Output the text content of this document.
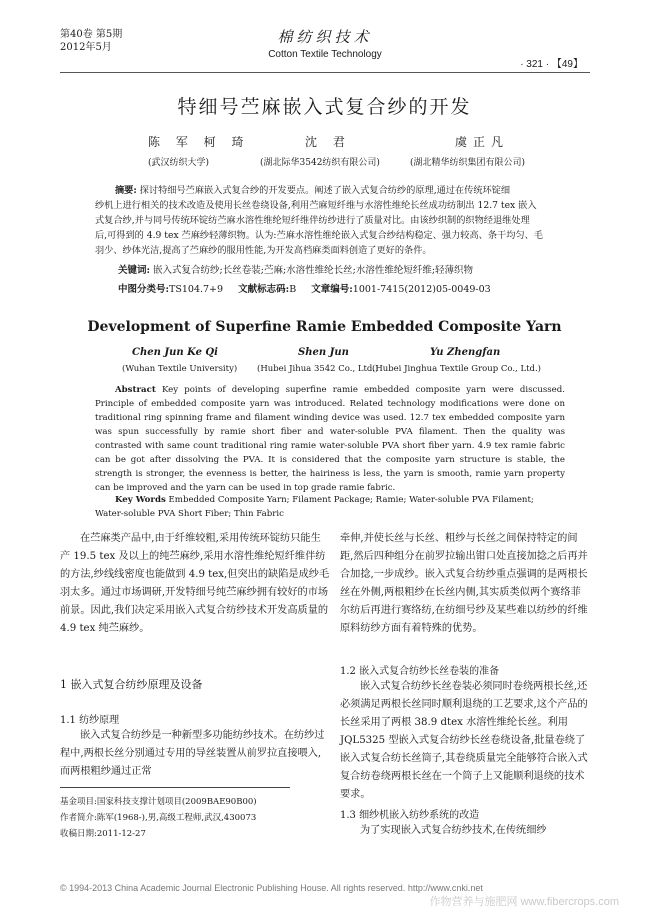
第40卷 第5期
2012年5月
棉纺织技术
Cotton Textile Technology
· 321 · 【49】
特细号苎麻嵌入式复合纱的开发
陈 军 柯 琦	沈 君	虞正凡
(武汉纺织大学)	(湖北际华3542纺织有限公司)	(湖北精华纺织集团有限公司)
摘要: 探讨特细号苎麻嵌入式复合纱的开发要点。阐述了嵌入式复合纺纱的原理,通过在传统环锭细
纱机上进行相关的技术改造及使用长丝卷绕设备,利用苎麻短纤维与水溶性维纶长丝成功纺制出 12.7 tex 嵌入
式复合纱,并与同号传统环锭纺苎麻水溶性维纶短纤维伴纺纱进行了质量对比。由该纱织制的织物经退维处理
后,可得到的 4.9 tex 苎麻纱轻薄织物。认为:苎麻水溶性维纶嵌入式复合纱结构稳定、强力较高、条干均匀、毛
羽少、纱体光洁,提高了苎麻纱的服用性能,为开发高档麻类面料创造了更好的条件。
关键词: 嵌入式复合纺纱;长丝卷装;苎麻;水溶性维纶长丝;水溶性维纶短纤维;轻薄织物
中图分类号:TS104.7+9 文献标志码:B 文章编号:1001-7415(2012)05-0049-03
Development of Superfine Ramie Embedded Composite Yarn
Chen Jun Ke Qi	Shen Jun	Yu Zhengfan
(Wuhan Textile University) (Hubei Jihua 3542 Co., Ltd.)
(Hubei Jinghua Textile Group Co., Ltd.)
Abstract Key points of developing superfine ramie embedded composite yarn were discussed. Principle of embedded composite yarn was introduced. Related technology modifications were done on traditional ring spinning frame and filament winding device was used. 12.7 tex embedded composite yarn was spun successfully by ramie short fiber and water-soluble PVA filament. Then the quality was contrasted with same count traditional ring ramie water-soluble PVA short fiber yarn. 4.9 tex ramie fabric can be got after dissolving the PVA. It is considered that the composite yarn structure is stable, the strength is stronger, the evenness is better, the hairiness is less, the yarn is smooth, ramie yarn property can be improved and the yarn can be used in top grade ramie fabric.
Key Words Embedded Composite Yarn; Filament Package; Ramie; Water-soluble PVA Filament; Water-soluble PVA Short Fiber; Thin Fabric

在苎麻类产品中,由于纤维较粗,采用传统环锭纺只能生产 19.5 tex 及以上的纯苎麻纱,采用水溶性维纶短纤维伴纺的方法,纱线线密度也能做到 4.9 tex,但突出的缺陷是成纱毛羽太多。通过市场调研,开发特细号纯苎麻纱拥有较好的市场前景。因此,我们决定采用嵌入式复合纺纱技术开发高质量的 4.9 tex 纯苎麻纱。

1 嵌入式复合纺纱原理及设备
1.1 纺纱原理

嵌入式复合纺纱是一种新型多功能纺纱技术。在纺纱过程中,两根长丝分别通过专用的导丝装置从前罗拉直接喂入,而两根粗纱通过正常

牵伸,并使长丝与长丝、粗纱与长丝之间保持特定的间距,然后四种组分在前罗拉输出钳口处直接加捻之后再并合加捻,一步成纱。嵌入式复合纺纱重点强调的是两根长丝在外侧,两根粗纱在长丝内侧,其实质类似两个赛络菲尔纺后再进行赛络纺,在纺细号纱及某些难以纺纱的纤维原料纺纱方面有着特殊的优势。

1.2 嵌入式复合纺纱长丝卷装的准备

嵌入式复合纺纱长丝卷装必须同时卷绕两根长丝,还必须满足两根长丝同时顺利退绕的工艺要求,这个产品的长丝采用了两根 38.9 dtex 水溶性维纶长丝。利用 JQL5325 型嵌入式复合纺纱长丝卷绕设备,批量卷绕了嵌入式复合纺长丝筒子,其卷绕质量完全能够符合嵌入式复合纺卷绕两根长丝在一个筒子上又能顺利退绕的技术要求。

1.3 细纱机嵌入纺纱系统的改造

为了实现嵌入式复合纺纱技术,在传统细纱

基金项目:国家科技支撑计划项目(2009BAE90B00)
作者简介:陈军(1968-),男,高级工程师,武汉,430073
收稿日期:2011-12-27
© 1994-2013 China Academic Journal Electronic Publishing House. All rights reserved. http://www.cnki.net
作物营养与施肥网 www.fibercrops.com
